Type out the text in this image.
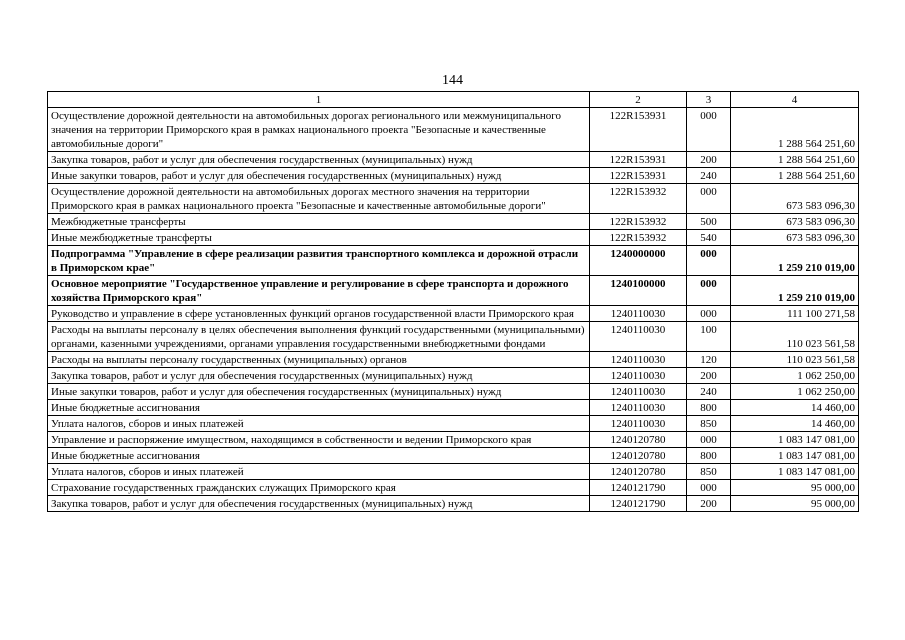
144
1	2	3	4
Осуществление дорожной деятельности на автомобильных дорогах регионального или межмуниципального значения на территории Приморского края в рамках национального проекта "Безопасные и качественные автомобильные дороги"	122R153931	000	1 288 564 251,60
Закупка товаров, работ и услуг для обеспечения государственных (муниципальных) нужд	122R153931	200	1 288 564 251,60
Иные закупки товаров, работ и услуг для обеспечения государственных (муниципальных) нужд	122R153931	240	1 288 564 251,60
Осуществление дорожной деятельности на автомобильных дорогах местного значения на территории Приморского края в рамках национального проекта "Безопасные и качественные автомобильные дороги"	122R153932	000	673 583 096,30
Межбюджетные трансферты	122R153932	500	673 583 096,30
Иные межбюджетные трансферты	122R153932	540	673 583 096,30
Подпрограмма "Управление в сфере реализации развития транспортного комплекса и дорожной отрасли в Приморском крае"	1240000000	000	1 259 210 019,00
Основное мероприятие "Государственное управление и регулирование в сфере транспорта и дорожного хозяйства Приморского края"	1240100000	000	1 259 210 019,00
Руководство и управление в сфере установленных функций органов государственной власти Приморского края	1240110030	000	111 100 271,58
Расходы на выплаты персоналу в целях обеспечения выполнения функций государственными (муниципальными) органами, казенными учреждениями, органами управления государственными внебюджетными фондами	1240110030	100	110 023 561,58
Расходы на выплаты персоналу государственных (муниципальных) органов	1240110030	120	110 023 561,58
Закупка товаров, работ и услуг для обеспечения государственных (муниципальных) нужд	1240110030	200	1 062 250,00
Иные закупки товаров, работ и услуг для обеспечения государственных (муниципальных) нужд	1240110030	240	1 062 250,00
Иные бюджетные ассигнования	1240110030	800	14 460,00
Уплата налогов, сборов и иных платежей	1240110030	850	14 460,00
Управление и распоряжение имуществом, находящимся в собственности и ведении Приморского края	1240120780	000	1 083 147 081,00
Иные бюджетные ассигнования	1240120780	800	1 083 147 081,00
Уплата налогов, сборов и иных платежей	1240120780	850	1 083 147 081,00
Страхование государственных гражданских служащих Приморского края	1240121790	000	95 000,00
Закупка товаров, работ и услуг для обеспечения государственных (муниципальных) нужд	1240121790	200	95 000,00
